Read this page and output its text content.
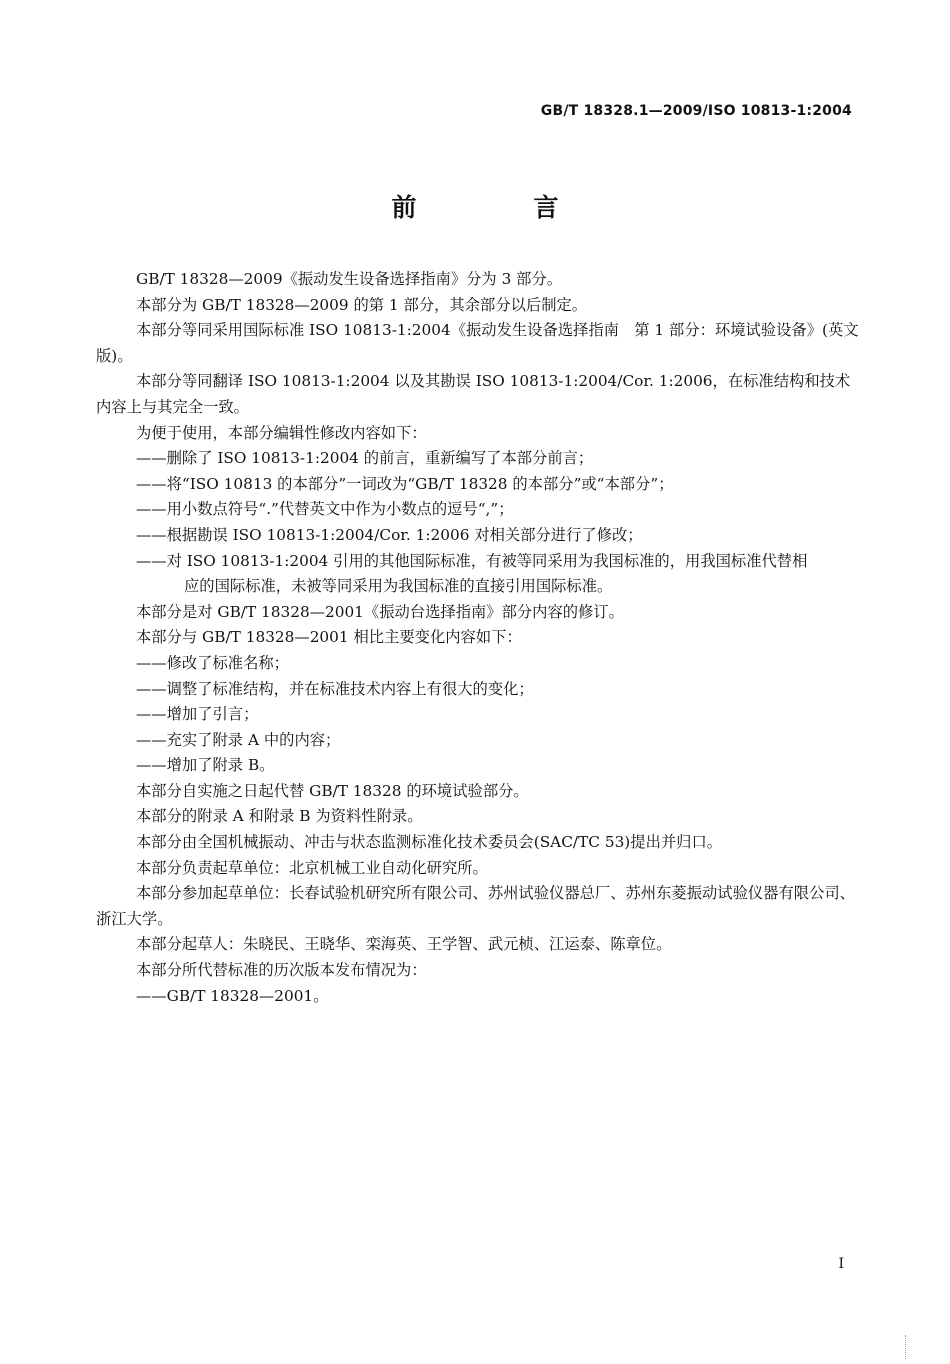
GB/T 18328.1—2009/ISO 10813-1:2004
前　言

GB/T 18328—2009《振动发生设备选择指南》分为 3 部分。

本部分为 GB/T 18328—2009 的第 1 部分，其余部分以后制定。

本部分等同采用国际标准 ISO 10813-1:2004《振动发生设备选择指南　第 1 部分：环境试验设备》(英文版)。

本部分等同翻译 ISO 10813-1:2004 以及其勘误 ISO 10813-1:2004/Cor. 1:2006，在标准结构和技术内容上与其完全一致。

为便于使用，本部分编辑性修改内容如下：

——删除了 ISO 10813-1:2004 的前言，重新编写了本部分前言；

——将“ISO 10813 的本部分”一词改为“GB/T 18328 的本部分”或“本部分”；

——用小数点符号“.”代替英文中作为小数点的逗号“,”；

——根据勘误 ISO 10813-1:2004/Cor. 1:2006 对相关部分进行了修改；

——对 ISO 10813-1:2004 引用的其他国际标准，有被等同采用为我国标准的，用我国标准代替相

应的国际标准，未被等同采用为我国标准的直接引用国际标准。

本部分是对 GB/T 18328—2001《振动台选择指南》部分内容的修订。

本部分与 GB/T 18328—2001 相比主要变化内容如下：

——修改了标准名称；

——调整了标准结构，并在标准技术内容上有很大的变化；

——增加了引言；

——充实了附录 A 中的内容；

——增加了附录 B。

本部分自实施之日起代替 GB/T 18328 的环境试验部分。

本部分的附录 A 和附录 B 为资料性附录。

本部分由全国机械振动、冲击与状态监测标准化技术委员会(SAC/TC 53)提出并归口。

本部分负责起草单位：北京机械工业自动化研究所。

本部分参加起草单位：长春试验机研究所有限公司、苏州试验仪器总厂、苏州东菱振动试验仪器有限公司、浙江大学。

本部分起草人：朱晓民、王晓华、栾海英、王学智、武元桢、江运泰、陈章位。

本部分所代替标准的历次版本发布情况为：

——GB/T 18328—2001。

I
